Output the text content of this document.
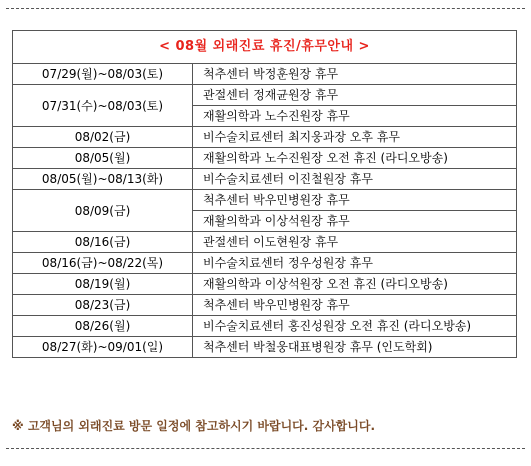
< 08월 외래진료 휴진/휴무안내 >	
07/29(월)~08/03(토)	척추센터 박정훈원장 휴무
07/31(수)~08/03(토)	관절센터 정재균원장 휴무
	재활의학과 노수진원장 휴무
08/02(금)	비수술치료센터 최지웅과장 오후 휴무
08/05(월)	재활의학과 노수진원장 오전 휴진 (라디오방송)
08/05(월)~08/13(화)	비수술치료센터 이진철원장 휴무
08/09(금)	척추센터 박우민병원장 휴무
	재활의학과 이상석원장 휴무
08/16(금)	관절센터 이도현원장 휴무
08/16(금)~08/22(목)	비수술치료센터 정우성원장 휴무
08/19(월)	재활의학과 이상석원장 오전 휴진 (라디오방송)
08/23(금)	척추센터 박우민병원장 휴무
08/26(월)	비수술치료센터 홍진성원장 오전 휴진 (라디오방송)
08/27(화)~09/01(일)	척추센터 박철웅대표병원장 휴무 (인도학회)
※ 고객님의 외래진료 방문 일정에 참고하시기 바랍니다. 감사합니다.
